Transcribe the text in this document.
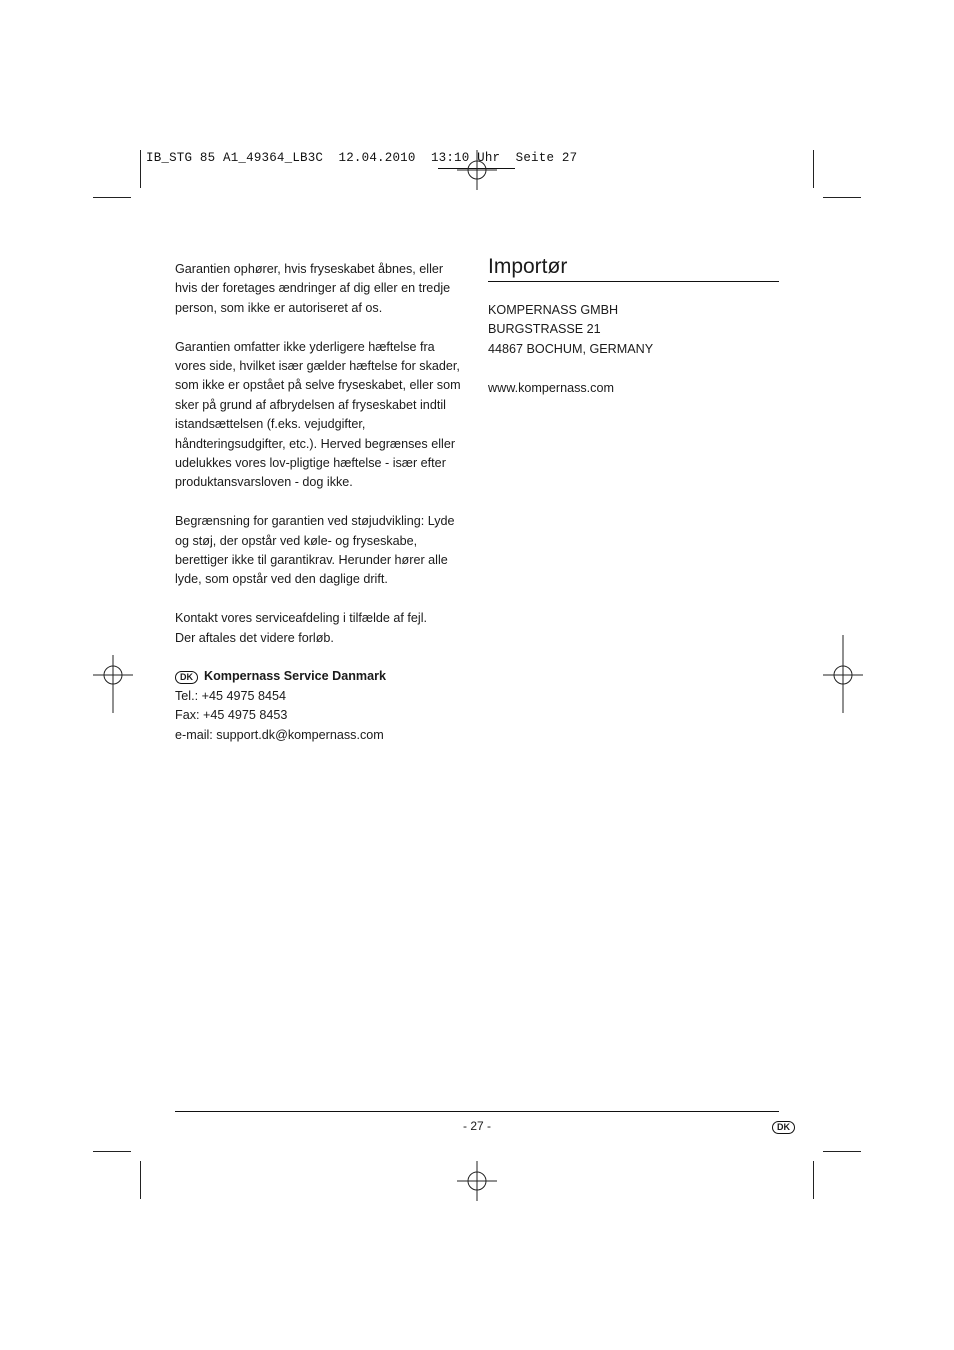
IB_STG 85 A1_49364_LB3C  12.04.2010  13:10 Uhr  Seite 27

Garantien ophører, hvis fryseskabet åbnes, eller hvis der foretages ændringer af dig eller en tredje person, som ikke er autoriseret af os.

Garantien omfatter ikke yderligere hæftelse fra vores side, hvilket især gælder hæftelse for skader, som ikke er opstået på selve fryseskabet, eller som sker på grund af afbrydelsen af fryseskabet indtil istandsættelsen (f.eks. vejudgifter, håndteringsudgifter, etc.). Herved begrænses eller udelukkes vores lov-pligtige hæftelse - især efter produktansvarsloven - dog ikke.

Begrænsning for garantien ved støjudvikling: Lyde og støj, der opstår ved køle- og fryseskabe, berettiger ikke til garantikrav. Herunder hører alle lyde, som opstår ved den daglige drift.

Kontakt vores serviceafdeling i tilfælde af fejl.

Der aftales det videre forløb.

DK Kompernass Service Danmark
Tel.: +45 4975 8454
Fax: +45 4975 8453
e-mail: support.dk@kompernass.com
Importør
KOMPERNASS GMBH
BURGSTRASSE 21
44867 BOCHUM, GERMANY
www.kompernass.com
- 27 -	DK
